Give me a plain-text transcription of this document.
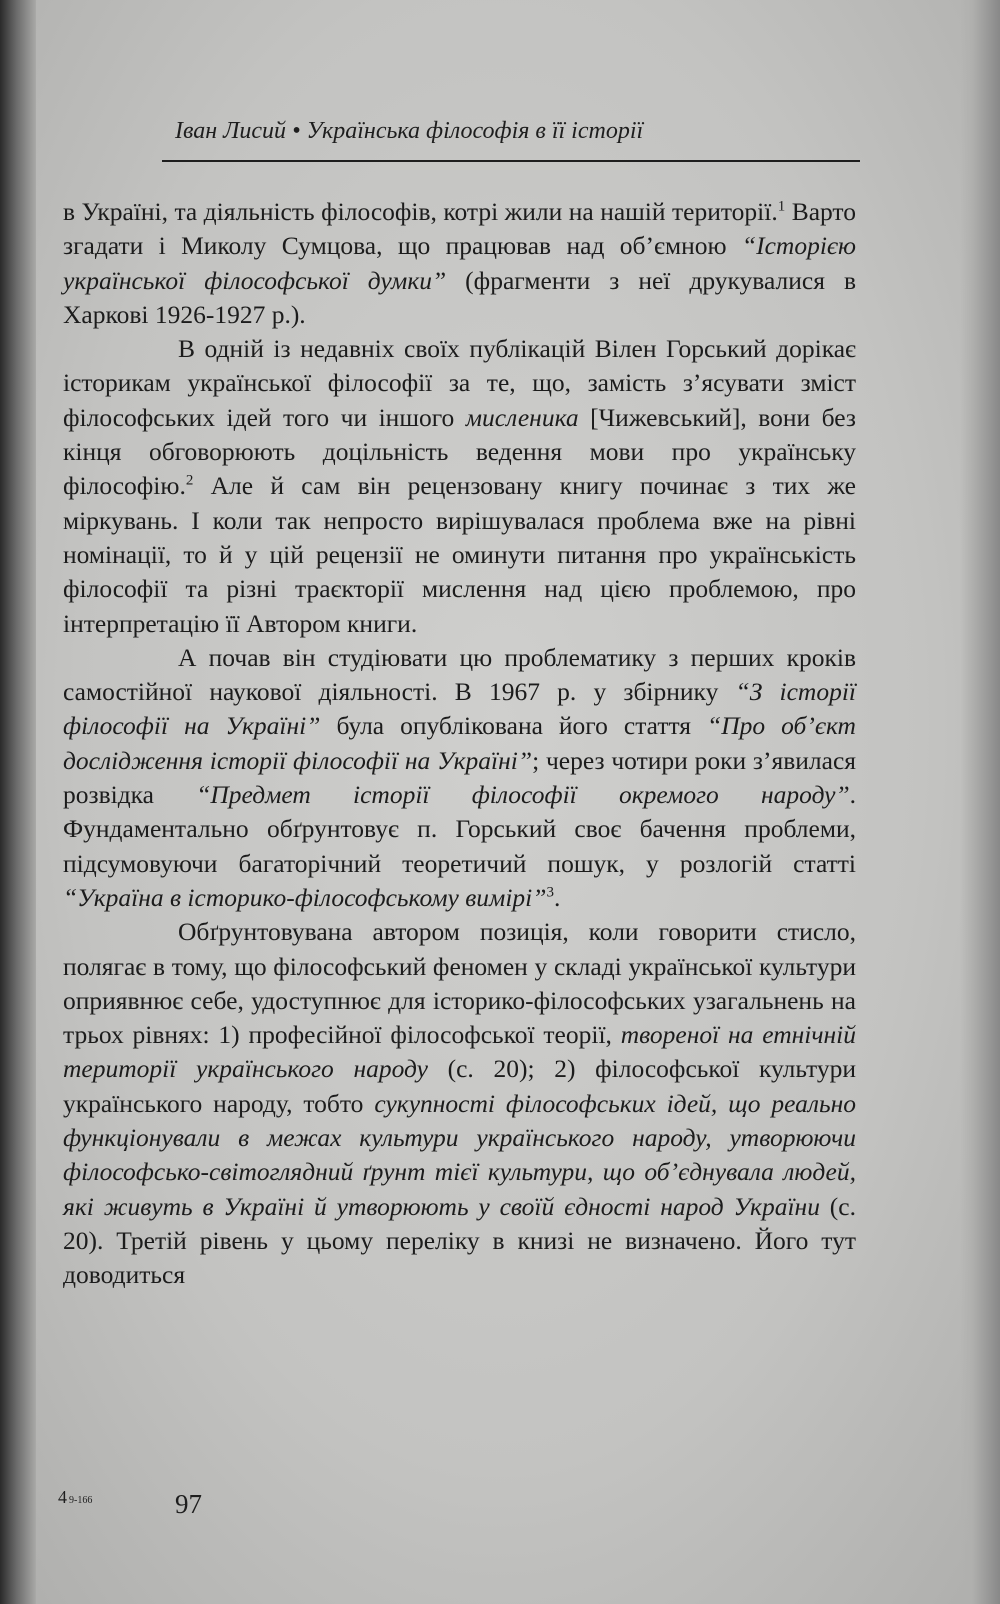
Іван Лисий • Українська філософія в її історії

в Україні, та діяльність філософів, котрі жили на нашій території.$^1$ Варто згадати і Миколу Сумцова, що працював над об’ємною “Історією української філософської думки” (фрагменти з неї друкувалися в Харкові 1926-1927 р.).

В одній із недавніх своїх публікацій Вілен Горський дорікає історикам української філософії за те, що, замість з’ясувати зміст філософських ідей того чи іншого мисленика [Чижевський], вони без кінця обговорюють доцільність ведення мови про українську філософію.$^2$ Але й сам він рецензовану книгу починає з тих же міркувань. І коли так непросто вирішувалася проблема вже на рівні номінації, то й у цій рецензії не оминути питання про українськість філософії та різні траєкторії мислення над цією проблемою, про інтерпретацію її Автором книги.

А почав він студіювати цю проблематику з перших кроків самостійної наукової діяльності. В 1967 р. у збірнику “З історії філософії на Україні” була опублікована його стаття “Про об’єкт дослідження історії філософії на Україні”; через чотири роки з’явилася розвідка “Предмет історії філософії окремого народу”. Фундаментально обґрунтовує п. Горський своє бачення проблеми, підсумовуючи багаторічний теоретичий пошук, у розлогій статті “Україна в історико-філософському вимірі”$^3$.

Обґрунтовувана автором позиція, коли говорити стисло, полягає в тому, що філософський феномен у складі української культури оприявнює себе, удоступнює для історико-філософських узагальнень на трьох рівнях: 1) професійної філософської теорії, твореної на етнічній території українського народу (с. 20); 2) філософської культури українського народу, тобто сукупності філософських ідей, що реально функціонували в межах культури українського народу, утворюючи філософсько-світоглядний ґрунт тієї культури, що об’єднувала людей, які живуть в Україні й утворюють у своїй єдності народ України (с. 20). Третій рівень у цьому переліку в книзі не визначено. Його тут доводиться

4 9-166	97
